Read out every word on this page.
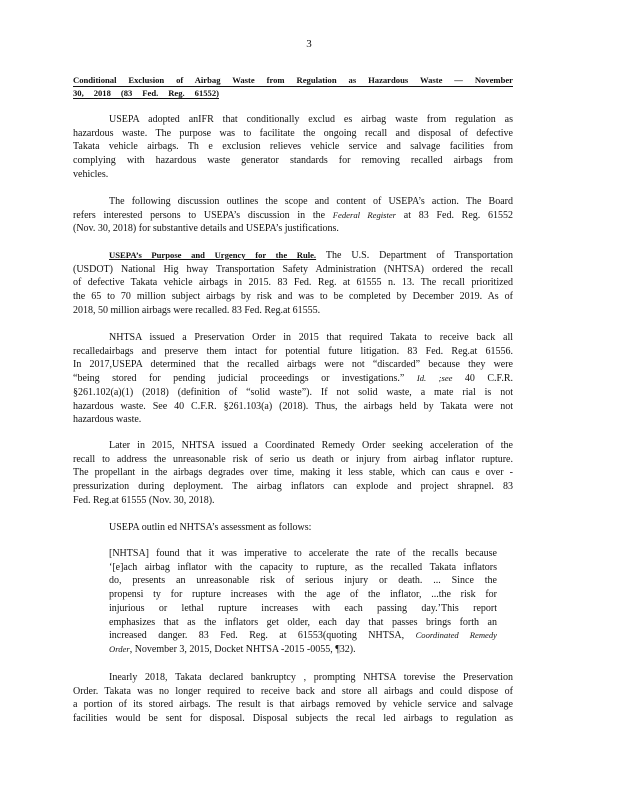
3
Conditional Exclusion of Airbag Waste from Regulation as Hazardous Waste — November
30, 2018 (83 Fed. Reg. 61552)
USEPA adopted anIFR that conditionally exclud es airbag waste from regulation as
hazardous waste. The purpose was to facilitate the ongoing recall and disposal of defective
Takata vehicle airbags. Th e exclusion relieves vehicle service and salvage facilities from
complying with hazardous waste generator standards for removing recalled airbags from
vehicles.
The following discussion outlines the scope and content of USEPA’s action. The Board
refers interested persons to USEPA’s discussion in the Federal Register at 83 Fed. Reg. 61552
(Nov. 30, 2018) for substantive details and USEPA’s justifications.
USEPA’s Purpose and Urgency for the Rule. The U.S. Department of Transportation
(USDOT) National Hig hway Transportation Safety Administration (NHTSA) ordered the recall
of defective Takata vehicle airbags in 2015. 83 Fed. Reg. at 61555 n. 13. The recall prioritized
the 65 to 70 million subject airbags by risk and was to be completed by December 2019. As of
2018, 50 million airbags were recalled. 83 Fed. Reg.at 61555.
NHTSA issued a Preservation Order in 2015 that required Takata to receive back all
recalledairbags and preserve them intact for potential future litigation. 83 Fed. Reg.at 61556.
In 2017,USEPA determined that the recalled airbags were not “discarded” because they were
“being stored for pending judicial proceedings or investigations.” Id. ;see 40 C.F.R.
§261.102(a)(1) (2018) (definition of “solid waste”). If not solid waste, a mate rial is not
hazardous waste. See 40 C.F.R. §261.103(a) (2018). Thus, the airbags held by Takata were not
hazardous waste.
Later in 2015, NHTSA issued a Coordinated Remedy Order seeking acceleration of the
recall to address the unreasonable risk of serio us death or injury from airbag inflator rupture.
The propellant in the airbags degrades over time, making it less stable, which can caus e over -
pressurization during deployment. The airbag inflators can explode and project shrapnel. 83
Fed. Reg.at 61555 (Nov. 30, 2018).
USEPA outlin ed NHTSA’s assessment as follows:
[NHTSA] found that it was imperative to accelerate the rate of the recalls because
‘[e]ach airbag inflator with the capacity to rupture, as the recalled Takata inflators
do, presents an unreasonable risk of serious injury or death. ... Since the
propensi ty for rupture increases with the age of the inflator, ...the risk for
injurious or lethal rupture increases with each passing day.’This report
emphasizes that as the inflators get older, each day that passes brings forth an
increased danger. 83 Fed. Reg. at 61553(quoting NHTSA, Coordinated Remedy
Order, November 3, 2015, Docket NHTSA -2015 -0055, ¶32).
Inearly 2018, Takata declared bankruptcy , prompting NHTSA torevise the Preservation
Order. Takata was no longer required to receive back and store all airbags and could dispose of
a portion of its stored airbags. The result is that airbags removed by vehicle service and salvage
facilities would be sent for disposal. Disposal subjects the recal led airbags to regulation as
